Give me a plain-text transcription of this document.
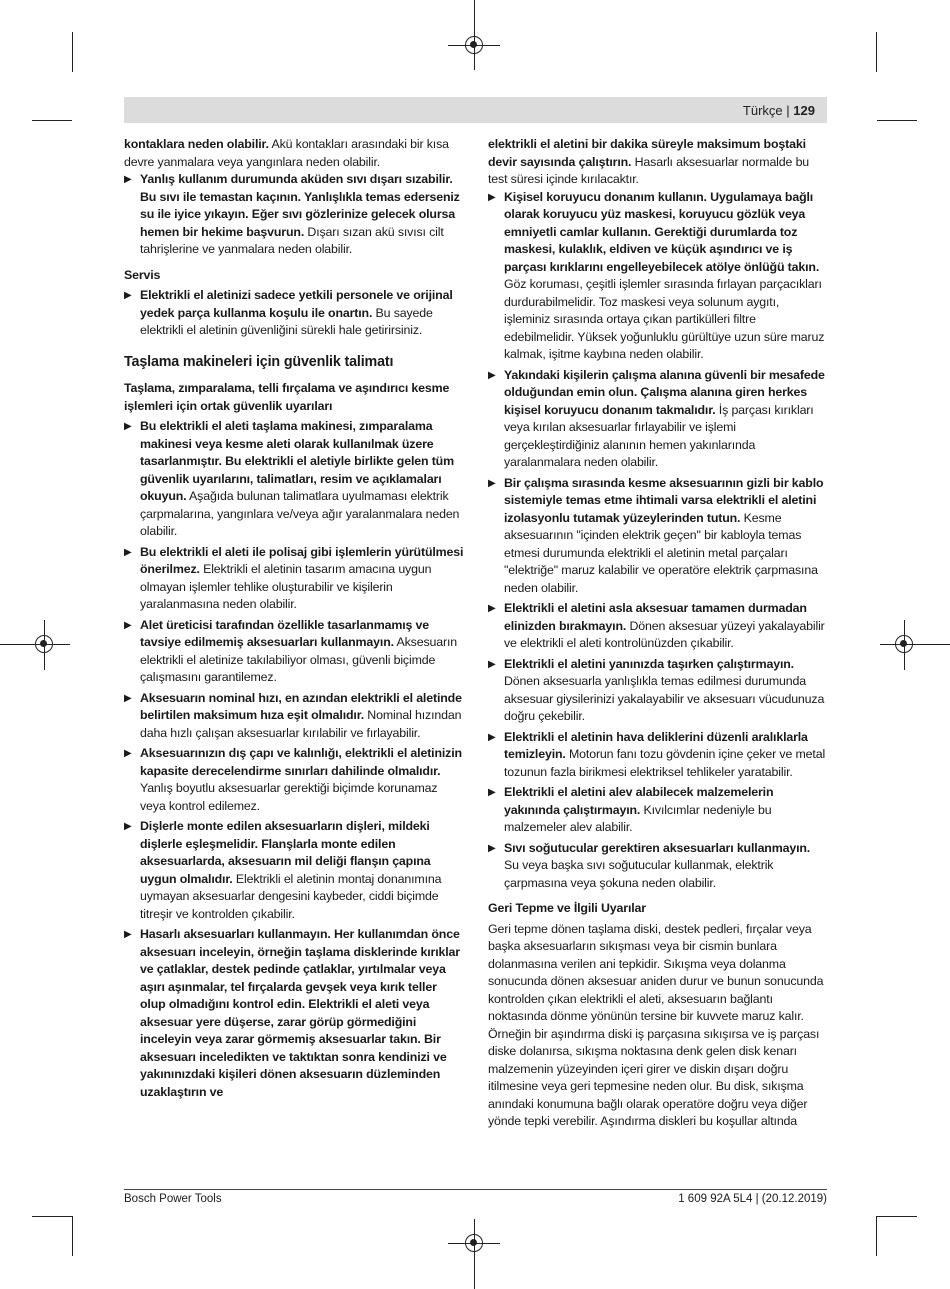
Türkçe | 129
kontaklara neden olabilir. Akü kontakları arasındaki bir kısa devre yanmalara veya yangınlara neden olabilir.
▶ Yanlış kullanım durumunda aküden sıvı dışarı sızabilir. Bu sıvı ile temastan kaçının. Yanlışlıkla temas ederseniz su ile iyice yıkayın. Eğer sıvı gözlerinize gelecek olursa hemen bir hekime başvurun. Dışarı sızan akü sıvısı cilt tahrişlerine ve yanmalara neden olabilir.
Servis
▶ Elektrikli el aletinizi sadece yetkili personele ve orijinal yedek parça kullanma koşulu ile onartın. Bu sayede elektrikli el aletinin güvenliğini sürekli hale getirirsiniz.
Taşlama makineleri için güvenlik talimatı
Taşlama, zımparalama, telli fırçalama ve aşındırıcı kesme işlemleri için ortak güvenlik uyarıları
▶ Bu elektrikli el aleti taşlama makinesi, zımparalama makinesi veya kesme aleti olarak kullanılmak üzere tasarlanmıştır. Bu elektrikli el aletiyle birlikte gelen tüm güvenlik uyarılarını, talimatları, resim ve açıklamaları okuyun. Aşağıda bulunan talimatlara uyulmaması elektrik çarpmalarına, yangınlara ve/veya ağır yaralanmalara neden olabilir.
▶ Bu elektrikli el aleti ile polisaj gibi işlemlerin yürütülmesi önerilmez. Elektrikli el aletinin tasarım amacına uygun olmayan işlemler tehlike oluşturabilir ve kişilerin yaralanmasına neden olabilir.
▶ Alet üreticisi tarafından özellikle tasarlanmamış ve tavsiye edilmemiş aksesuarları kullanmayın. Aksesuarın elektrikli el aletinize takılabiliyor olması, güvenli biçimde çalışmasını garantilemez.
▶ Aksesuarın nominal hızı, en azından elektrikli el aletinde belirtilen maksimum hıza eşit olmalıdır. Nominal hızından daha hızlı çalışan aksesuarlar kırılabilir ve fırlayabilir.
▶ Aksesuarınızın dış çapı ve kalınlığı, elektrikli el aletinizin kapasite derecelendirme sınırları dahilinde olmalıdır. Yanlış boyutlu aksesuarlar gerektiği biçimde korunamaz veya kontrol edilemez.
▶ Dişlerle monte edilen aksesuarların dişleri, mildeki dişlerle eşleşmelidir. Flanşlarla monte edilen aksesuarlarda, aksesuarın mil deliği flanşın çapına uygun olmalıdır. Elektrikli el aletinin montaj donanımına uymayan aksesuarlar dengesini kaybeder, ciddi biçimde titreşir ve kontrolden çıkabilir.
▶ Hasarlı aksesuarları kullanmayın. Her kullanımdan önce aksesuarı inceleyin, örneğin taşlama disklerinde kırıklar ve çatlaklar, destek pedinde çatlaklar, yırtılmalar veya aşırı aşınmalar, tel fırçalarda gevşek veya kırık teller olup olmadığını kontrol edin. Elektrikli el aleti veya aksesuar yere düşerse, zarar görüp görmediğini inceleyin veya zarar görmemiş aksesuarlar takın. Bir aksesuarı inceledikten ve taktıktan sonra kendinizi ve yakınınızdaki kişileri dönen aksesuarın düzleminden uzaklaştırın ve
elektrikli el aletini bir dakika süreyle maksimum boştaki devir sayısında çalıştırın. Hasarlı aksesuarlar normalde bu test süresi içinde kırılacaktır.
▶ Kişisel koruyucu donanım kullanın. Uygulamaya bağlı olarak koruyucu yüz maskesi, koruyucu gözlük veya emniyetli camlar kullanın. Gerektiği durumlarda toz maskesi, kulaklık, eldiven ve küçük aşındırıcı ve iş parçası kırıklarını engelleyebilecek atölye önlüğü takın. Göz koruması, çeşitli işlemler sırasında fırlayan parçacıkları durdurabilmelidir. Toz maskesi veya solunum aygıtı, işleminiz sırasında ortaya çıkan partikülleri filtre edebilmelidir. Yüksek yoğunluklu gürültüye uzun süre maruz kalmak, işitme kaybına neden olabilir.
▶ Yakındaki kişilerin çalışma alanına güvenli bir mesafede olduğundan emin olun. Çalışma alanına giren herkes kişisel koruyucu donanım takmalıdır. İş parçası kırıkları veya kırılan aksesuarlar fırlayabilir ve işlemi gerçekleştirdiğiniz alanının hemen yakınlarında yaralanmalara neden olabilir.
▶ Bir çalışma sırasında kesme aksesuarının gizli bir kablo sistemiyle temas etme ihtimali varsa elektrikli el aletini izolasyonlu tutamak yüzeylerinden tutun. Kesme aksesuarının "içinden elektrik geçen" bir kabloyla temas etmesi durumunda elektrikli el aletinin metal parçaları "elektriğe" maruz kalabilir ve operatöre elektrik çarpmasına neden olabilir.
▶ Elektrikli el aletini asla aksesuar tamamen durmadan elinizden bırakmayın. Dönen aksesuar yüzeyi yakalayabilir ve elektrikli el aleti kontrolünüzden çıkabilir.
▶ Elektrikli el aletini yanınızda taşırken çalıştırmayın. Dönen aksesuarla yanlışlıkla temas edilmesi durumunda aksesuar giysilerinizi yakalayabilir ve aksesuarı vücudunuza doğru çekebilir.
▶ Elektrikli el aletinin hava deliklerini düzenli aralıklarla temizleyin. Motorun fanı tozu gövdenin içine çeker ve metal tozunun fazla birikmesi elektriksel tehlikeler yaratabilir.
▶ Elektrikli el aletini alev alabilecek malzemelerin yakınında çalıştırmayın. Kıvılcımlar nedeniyle bu malzemeler alev alabilir.
▶ Sıvı soğutucular gerektiren aksesuarları kullanmayın. Su veya başka sıvı soğutucular kullanmak, elektrik çarpmasına veya şokuna neden olabilir.
Geri Tepme ve İlgili Uyarılar
Geri tepme dönen taşlama diski, destek pedleri, fırçalar veya başka aksesuarların sıkışması veya bir cismin bunlara dolanmasına verilen ani tepkidir. Sıkışma veya dolanma sonucunda dönen aksesuar aniden durur ve bunun sonucunda kontrolden çıkan elektrikli el aleti, aksesuarın bağlantı noktasında dönme yönünün tersine bir kuvvete maruz kalır.
Örneğin bir aşındırma diski iş parçasına sıkışırsa ve iş parçası diske dolanırsa, sıkışma noktasına denk gelen disk kenarı malzemenin yüzeyinden içeri girer ve diskin dışarı doğru itilmesine veya geri tepmesine neden olur. Bu disk, sıkışma anındaki konumuna bağlı olarak operatöre doğru veya diğer yönde tepki verebilir. Aşındırma diskleri bu koşullar altında
Bosch Power Tools	1 609 92A 5L4 | (20.12.2019)
